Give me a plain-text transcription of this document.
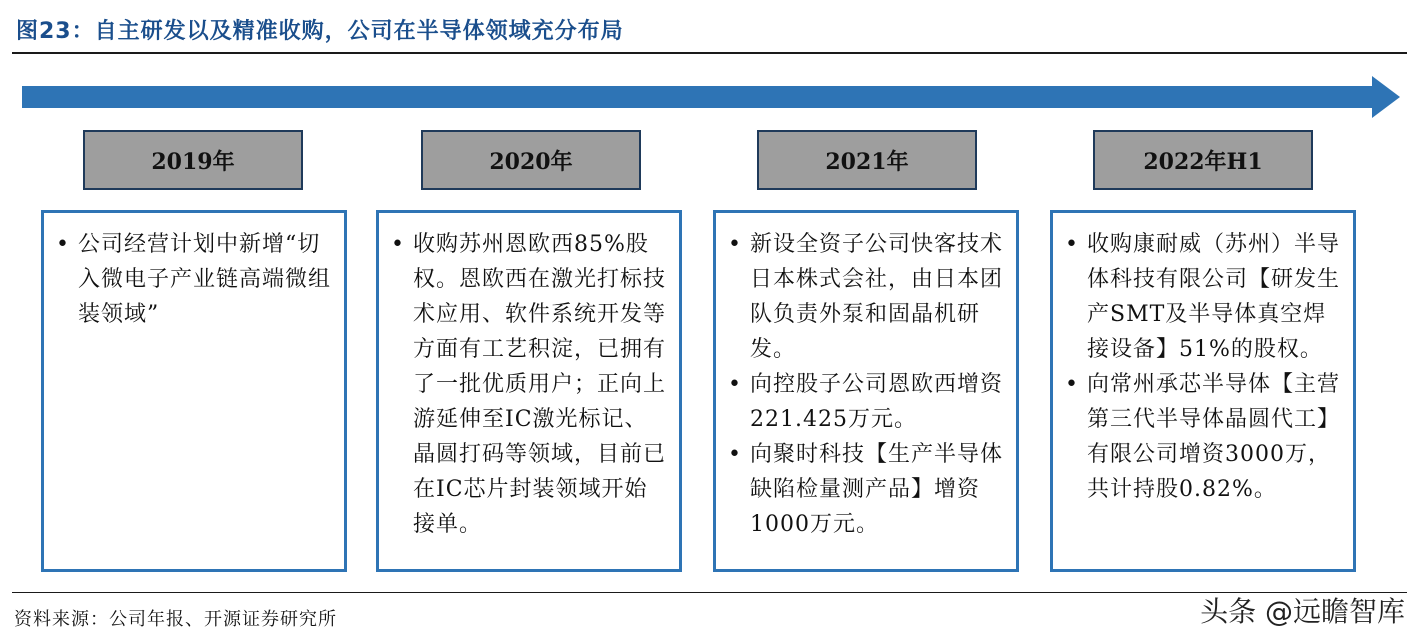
图23：自主研发以及精准收购，公司在半导体领域充分布局
2019年	2020年	2021年	2022年H1
• 公司经营计划中新增“切入微电子产业链高端微组装领域”
• 收购苏州恩欧西85%股权。恩欧西在激光打标技术应用、软件系统开发等方面有工艺积淀，已拥有了一批优质用户；正向上游延伸至IC激光标记、晶圆打码等领域，目前已在IC芯片封装领域开始接单。
• 新设全资子公司快客技术日本株式会社，由日本团队负责外泵和固晶机研发。
• 向控股子公司恩欧西增资221.425万元。
• 向聚时科技【生产半导体缺陷检量测产品】增资1000万元。
• 收购康耐威（苏州）半导体科技有限公司【研发生产SMT及半导体真空焊接设备】51%的股权。
• 向常州承芯半导体【主营第三代半导体晶圆代工】有限公司增资3000万，共计持股0.82%。
资料来源：公司年报、开源证券研究所	头条 @远瞻智库
